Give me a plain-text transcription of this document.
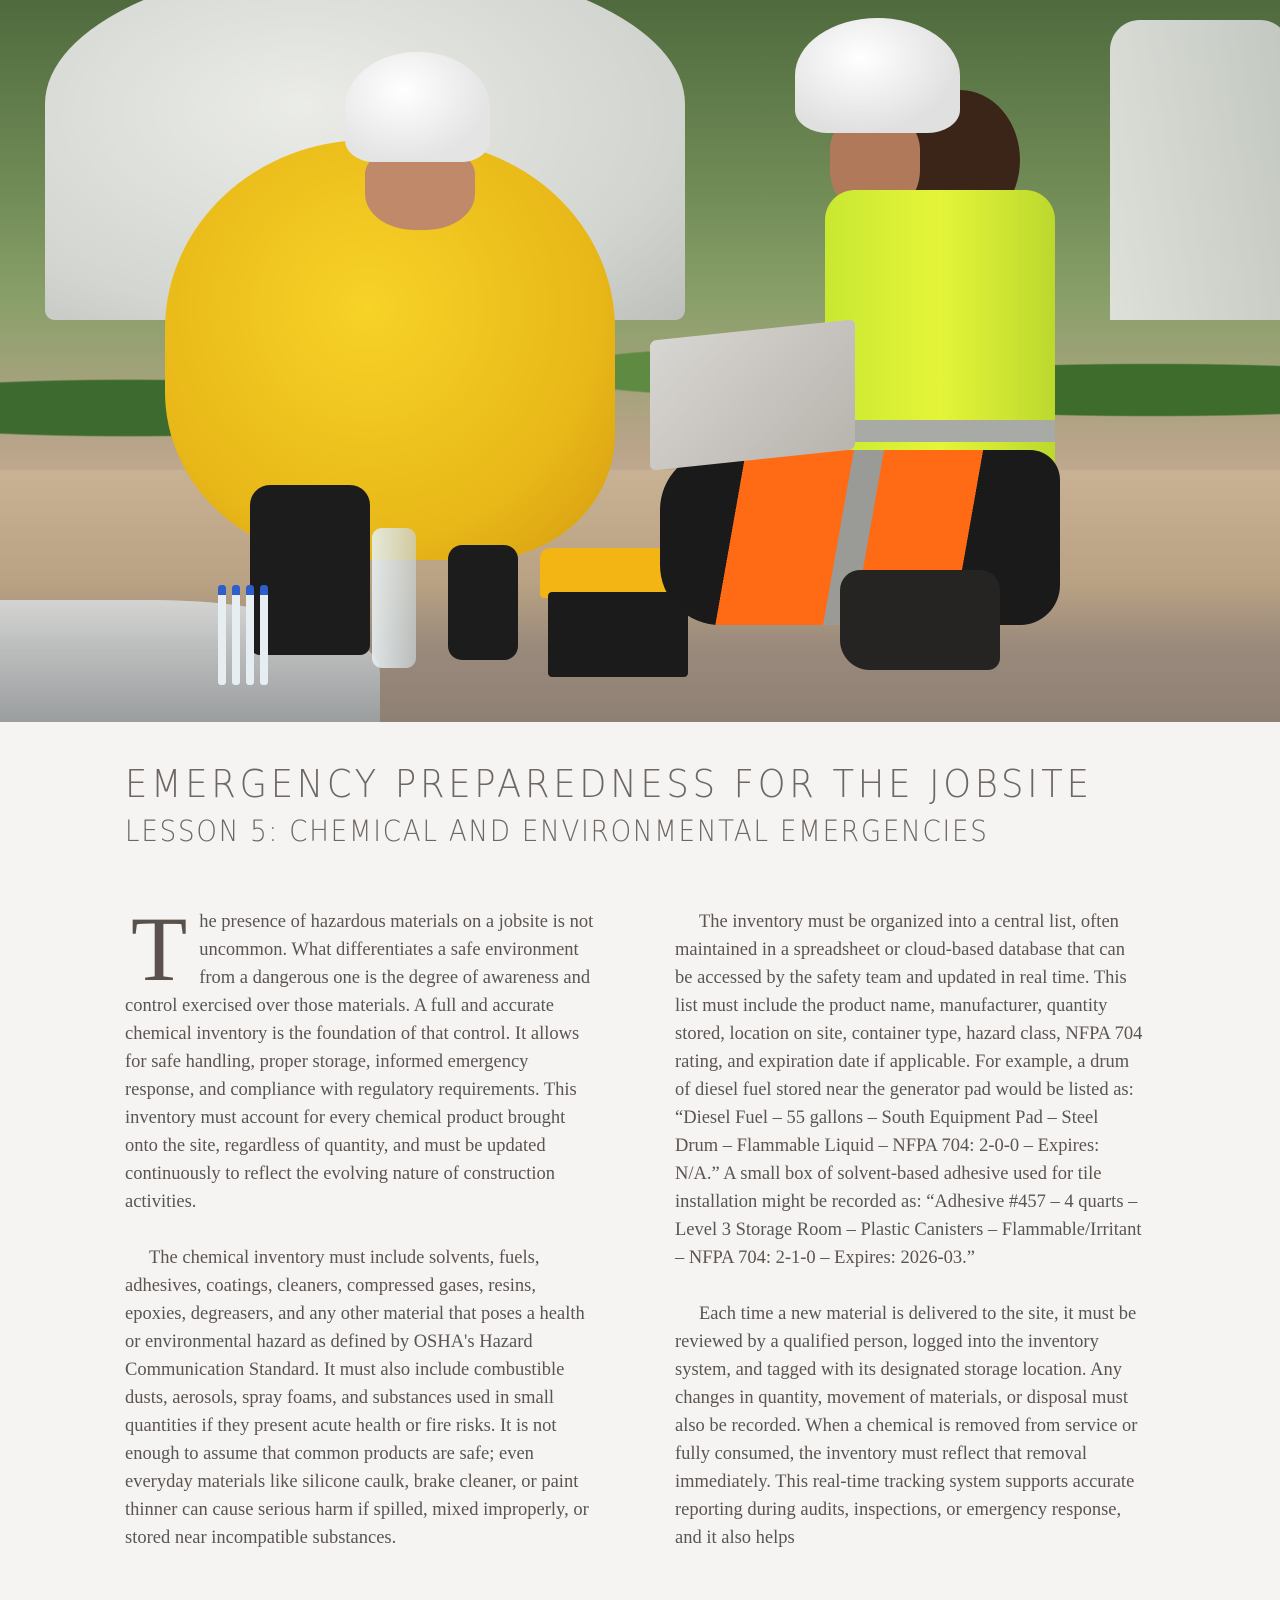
EMERGENCY PREPAREDNESS FOR THE JOBSITE
LESSON 5: CHEMICAL AND ENVIRONMENTAL EMERGENCIES

The presence of hazardous materials on a jobsite is not uncommon. What differentiates a safe environment from a dangerous one is the degree of awareness and control exercised over those materials. A full and accurate chemical inventory is the foundation of that control. It allows for safe handling, proper storage, informed emergency response, and compliance with regulatory requirements. This inventory must account for every chemical product brought onto the site, regardless of quantity, and must be updated continuously to reflect the evolving nature of construction activities.

The chemical inventory must include solvents, fuels, adhesives, coatings, cleaners, compressed gases, resins, epoxies, degreasers, and any other material that poses a health or environmental hazard as defined by OSHA's Hazard Communication Standard. It must also include combustible dusts, aerosols, spray foams, and substances used in small quantities if they present acute health or fire risks. It is not enough to assume that common products are safe; even everyday materials like silicone caulk, brake cleaner, or paint thinner can cause serious harm if spilled, mixed improperly, or stored near incompatible substances.

The inventory must be organized into a central list, often maintained in a spreadsheet or cloud-based database that can be accessed by the safety team and updated in real time. This list must include the product name, manufacturer, quantity stored, location on site, container type, hazard class, NFPA 704 rating, and expiration date if applicable. For example, a drum of diesel fuel stored near the generator pad would be listed as: “Diesel Fuel – 55 gallons – South Equipment Pad – Steel Drum – Flammable Liquid – NFPA 704: 2-0-0 – Expires: N/A.” A small box of solvent-based adhesive used for tile installation might be recorded as: “Adhesive #457 – 4 quarts – Level 3 Storage Room – Plastic Canisters – Flammable/Irritant – NFPA 704: 2-1-0 – Expires: 2026-03.”

Each time a new material is delivered to the site, it must be reviewed by a qualified person, logged into the inventory system, and tagged with its designated storage location. Any changes in quantity, movement of materials, or disposal must also be recorded. When a chemical is removed from service or fully consumed, the inventory must reflect that removal immediately. This real-time tracking system supports accurate reporting during audits, inspections, or emergency response, and it also helps
